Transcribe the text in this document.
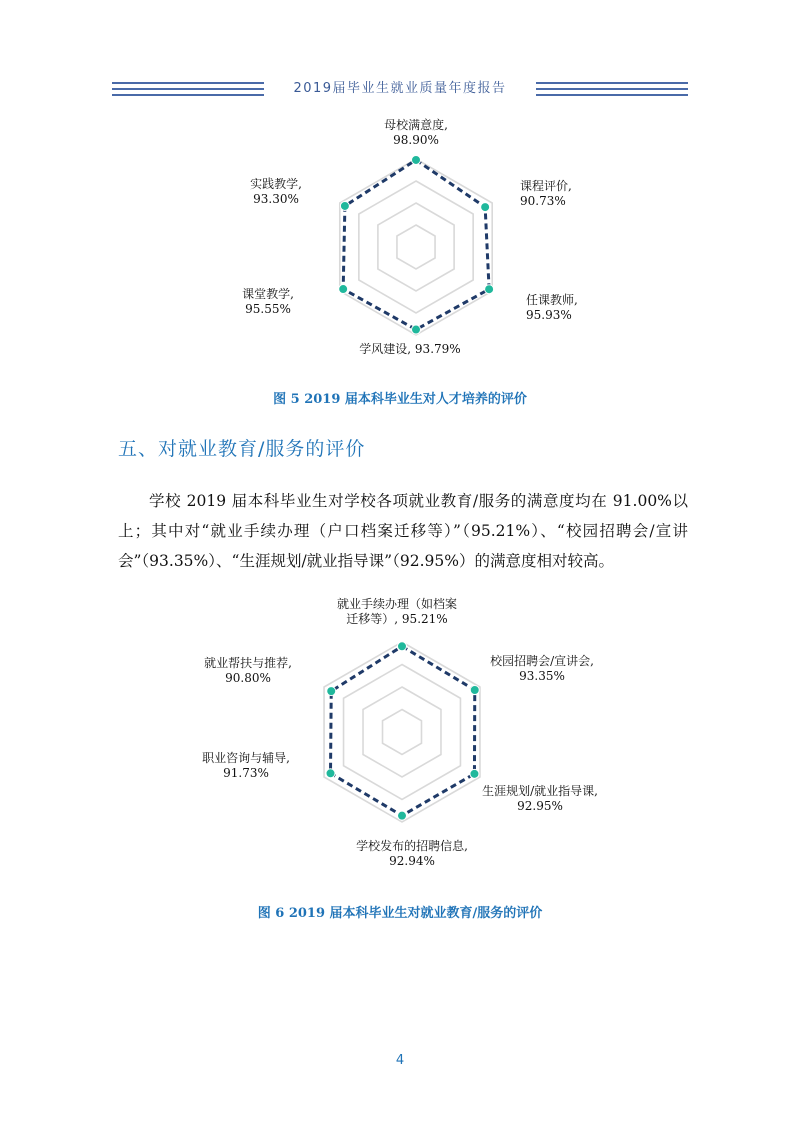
2019届毕业生就业质量年度报告
母校满意度, 98.90%
课程评价, 90.73%
任课教师, 95.93%
学风建设, 93.79%
课堂教学, 95.55%
实践教学, 93.30%
图 5 2019 届本科毕业生对人才培养的评价
五、对就业教育/服务的评价
学校 2019 届本科毕业生对学校各项就业教育/服务的满意度均在 91.00%以上；其中对“就业手续办理（户口档案迁移等）”（95.21%）、“校园招聘会/宣讲会”（93.35%）、“生涯规划/就业指导课”（92.95%）的满意度相对较高。
就业手续办理（如档案迁移等）, 95.21%
校园招聘会/宣讲会, 93.35%
生涯规划/就业指导课, 92.95%
学校发布的招聘信息, 92.94%
职业咨询与辅导, 91.73%
就业帮扶与推荐, 90.80%
图 6 2019 届本科毕业生对就业教育/服务的评价
4
